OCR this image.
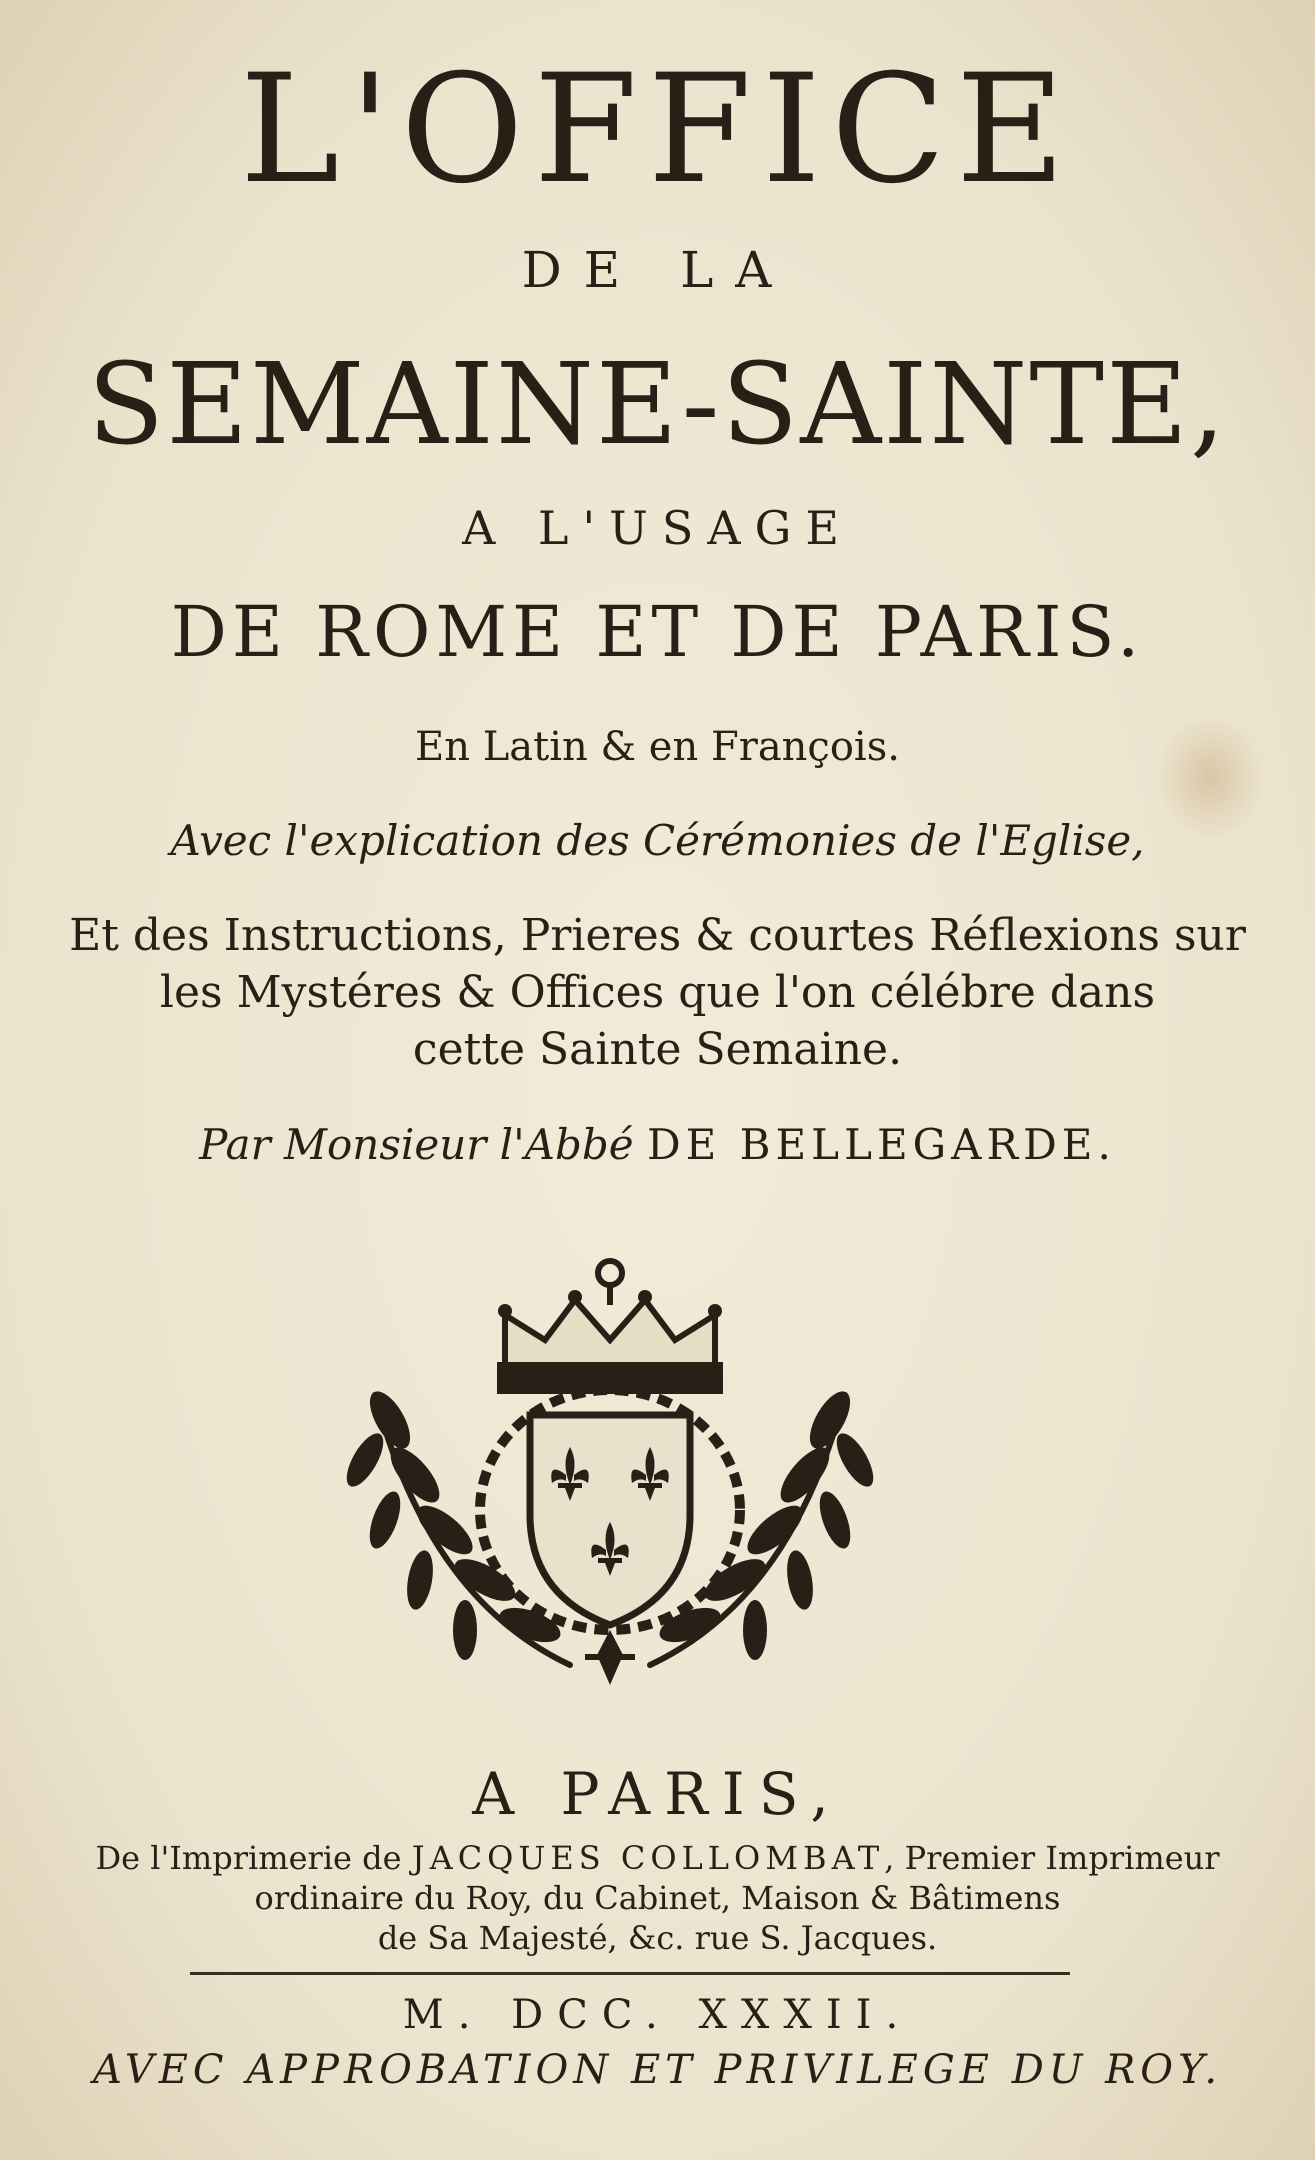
L'OFFICE
DE LA
SEMAINE-SAINTE,
A L'USAGE
DE ROME ET DE PARIS.
En Latin & en François.
Avec l'explication des Cérémonies de l'Eglise,
Et des Instructions, Prieres & courtes Réflexions sur
les Mystéres & Offices que l'on célébre dans
cette Sainte Semaine.
Par Monsieur l'Abbé DE BELLEGARDE.
A PARIS,
De l'Imprimerie de JACQUES COLLOMBAT, Premier Imprimeur
ordinaire du Roy, du Cabinet, Maison & Bâtimens
de Sa Majesté, &c. rue S. Jacques.
M. DCC. XXXII.
AVEC APPROBATION ET PRIVILEGE DU ROY.
